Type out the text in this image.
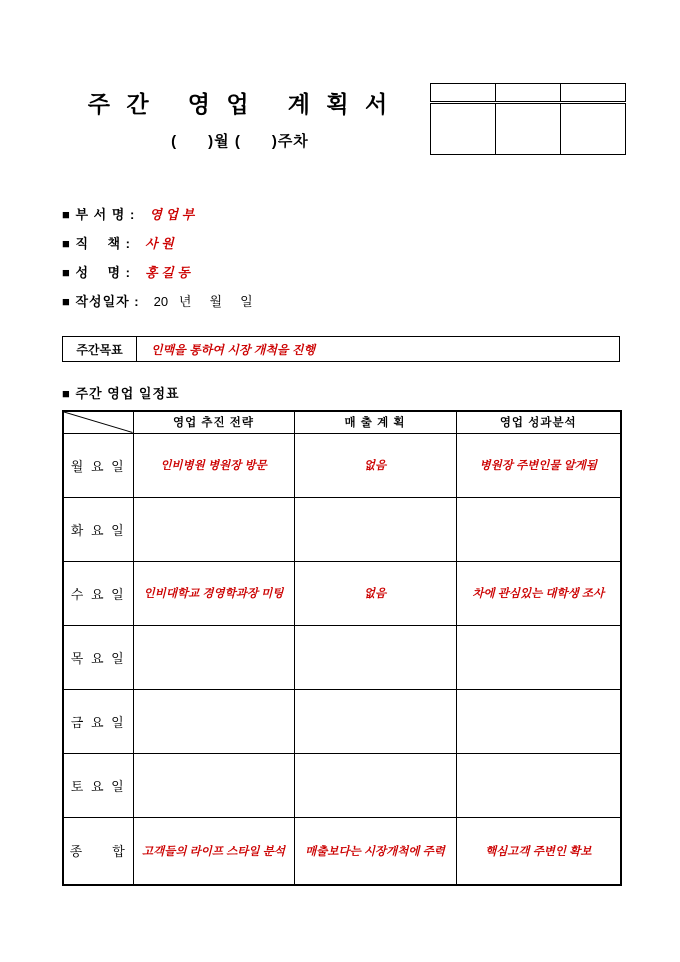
주 간   영 업   계 획 서
(      )월 (      )주차

■ 부 서 명 : 영 업 부
■ 직    책 : 사 원
■ 성    명 : 홍 길 동
■ 작성일자 : 20   년     월     일
주간목표	인맥을 통하여 시장 개척을 진행
■ 주간 영업 일정표
	영업 추진 전략	매 출 계 획	영업 성과분석
월 요 일	인비병원 병원장 방문	없음	병원장 주변인물 알게됨
화 요 일			
수 요 일	인비대학교 경영학과장 미팅	없음	차에 관심있는 대학생 조사
목 요 일			
금 요 일			
토 요 일			
종     합	고객들의 라이프 스타일 분석	매출보다는 시장개척에 주력	핵심고객 주변인 확보
